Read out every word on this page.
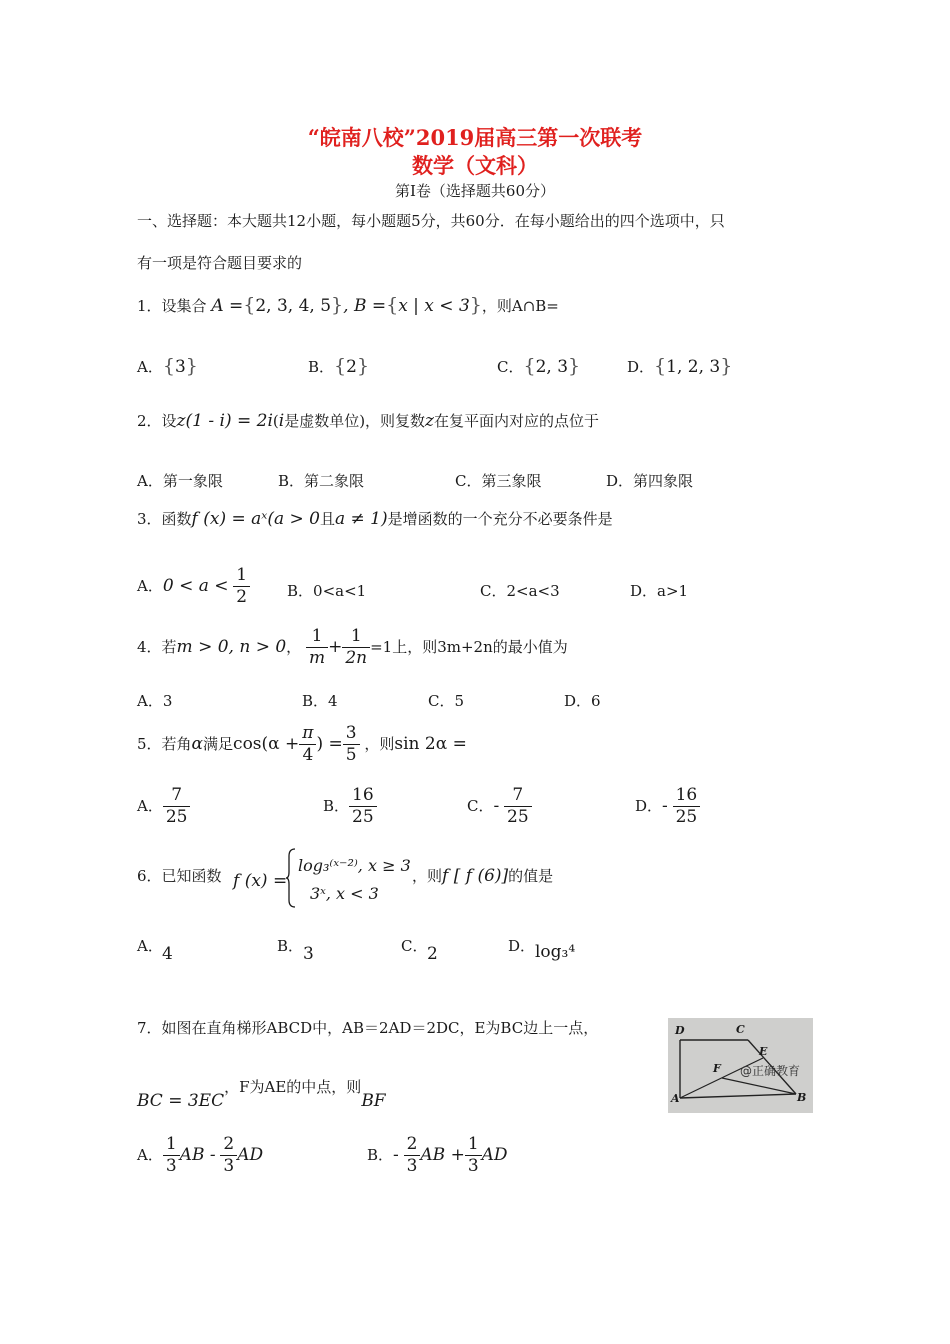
“皖南八校”2019届高三第一次联考
数学（文科）
第Ⅰ卷（选择题共60分）
一、选择题：本大题共12小题，每小题题5分，共60分．在每小题给出的四个选项中，只
有一项是符合题目要求的
1．设集合 A ={2, 3, 4, 5}, B ={x | x < 3}，则A∩B=
A．{3}	B．{2}	C．{2, 3}	D．{1, 2, 3}
2．设z(1 - i) = 2i(i是虚数单位)，则复数z在复平面内对应的点位于
A．第一象限	B．第二象限	C．第三象限	D．第四象限
3．函数f (x) = aˣ(a > 0且a ≠ 1)是增函数的一个充分不必要条件是
A．$0 < a < \frac{1}{2}$ B．0<a<1	C．2<a<3	D．a>1
4．若m > 0, n > 0， $\frac{1}{m} + \frac{1}{2n} =1$上，则3m+2n的最小值为
A．3	B．4	C．5	D．6
5．若角α满足$\cos(\alpha + \frac{\pi}{4}$ ) = $\frac{3}{5}$ ，则sin 2α =
A． $\frac{7}{25}$	B． $\frac{16}{25}$	C．- $\frac{7}{25}$	D．- $\frac{16}{25}$
6．已知函数 f (x) =
log₃⁽ˣ⁻²⁾, x ≥ 3
3ˣ, x < 3
，则f [ f (6)]的值是
A． 4	B． 3	C． 2	D． log₃⁴
7．如图在直角梯形ABCD中，AB＝2AD＝2DC，E为BC边上一点，
BC = 3EC，F为AE的中点，则BF
D	C
E
F
A	B
@正确教育
A． $\frac{1}{3}$ AB - $\frac{2}{3}$ AD	B．- $\frac{2}{3}$ AB + $\frac{1}{3}$ AD
